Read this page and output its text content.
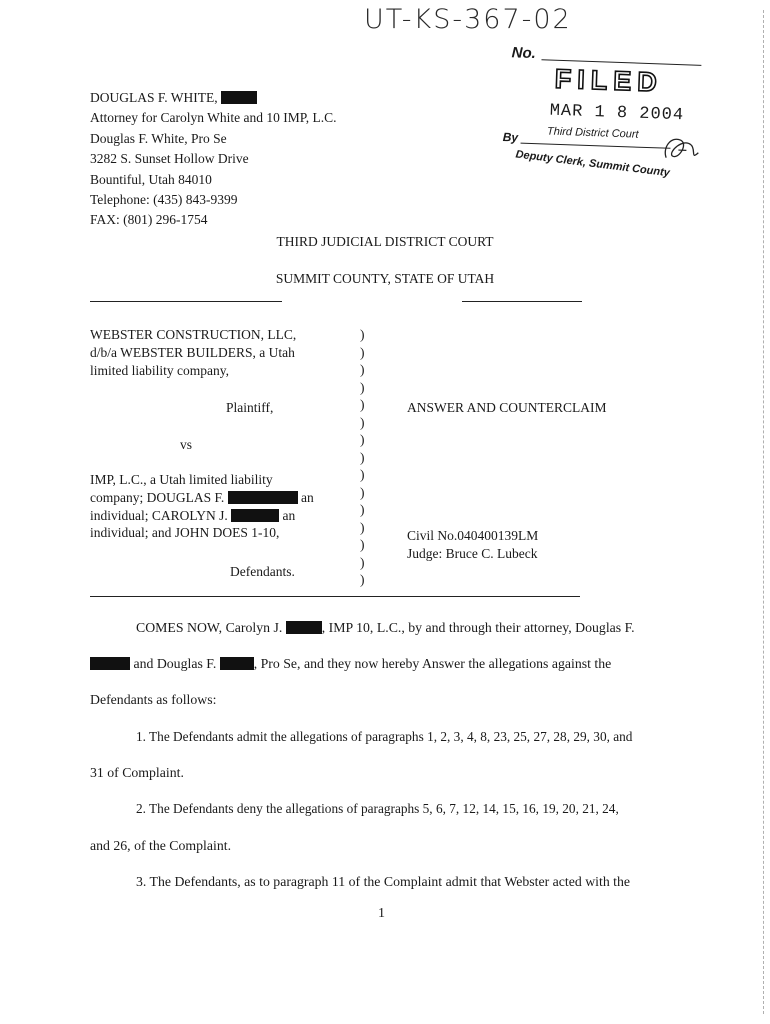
UT-KS-367-02
No.
FILED
MAR 1 8 2004
By	Third District Court
Deputy Clerk, Summit County
DOUGLAS F. WHITE,
Attorney for Carolyn White and 10 IMP, L.C.
Douglas F. White, Pro Se
3282 S. Sunset Hollow Drive
Bountiful, Utah 84010
Telephone: (435) 843-9399
FAX: (801) 296-1754
THIRD JUDICIAL DISTRICT COURT
SUMMIT COUNTY, STATE OF UTAH
WEBSTER CONSTRUCTION, LLC,
d/b/a WEBSTER BUILDERS, a Utah
limited liability company,
Plaintiff,
vs
IMP, L.C., a Utah limited liability
company; DOUGLAS F.	an
individual; CAROLYN J.	an
individual; and JOHN DOES 1-10,
Defendants.
)
)
)
)
)
)
)
)
)
)
)
)
)
)
)
ANSWER AND COUNTERCLAIM
Civil No.040400139LM
Judge: Bruce C. Lubeck
COMES NOW, Carolyn J.	, IMP 10, L.C., by and through their attorney, Douglas F.
and Douglas F.	, Pro Se, and they now hereby Answer the allegations against the
Defendants as follows:
1. The Defendants admit the allegations of paragraphs 1, 2, 3, 4, 8, 23, 25, 27, 28, 29, 30, and
31 of Complaint.
2. The Defendants deny the allegations of paragraphs 5, 6, 7, 12, 14, 15, 16, 19, 20, 21, 24,
and 26, of the Complaint.
3. The Defendants, as to paragraph 11 of the Complaint admit that Webster acted with the
1
